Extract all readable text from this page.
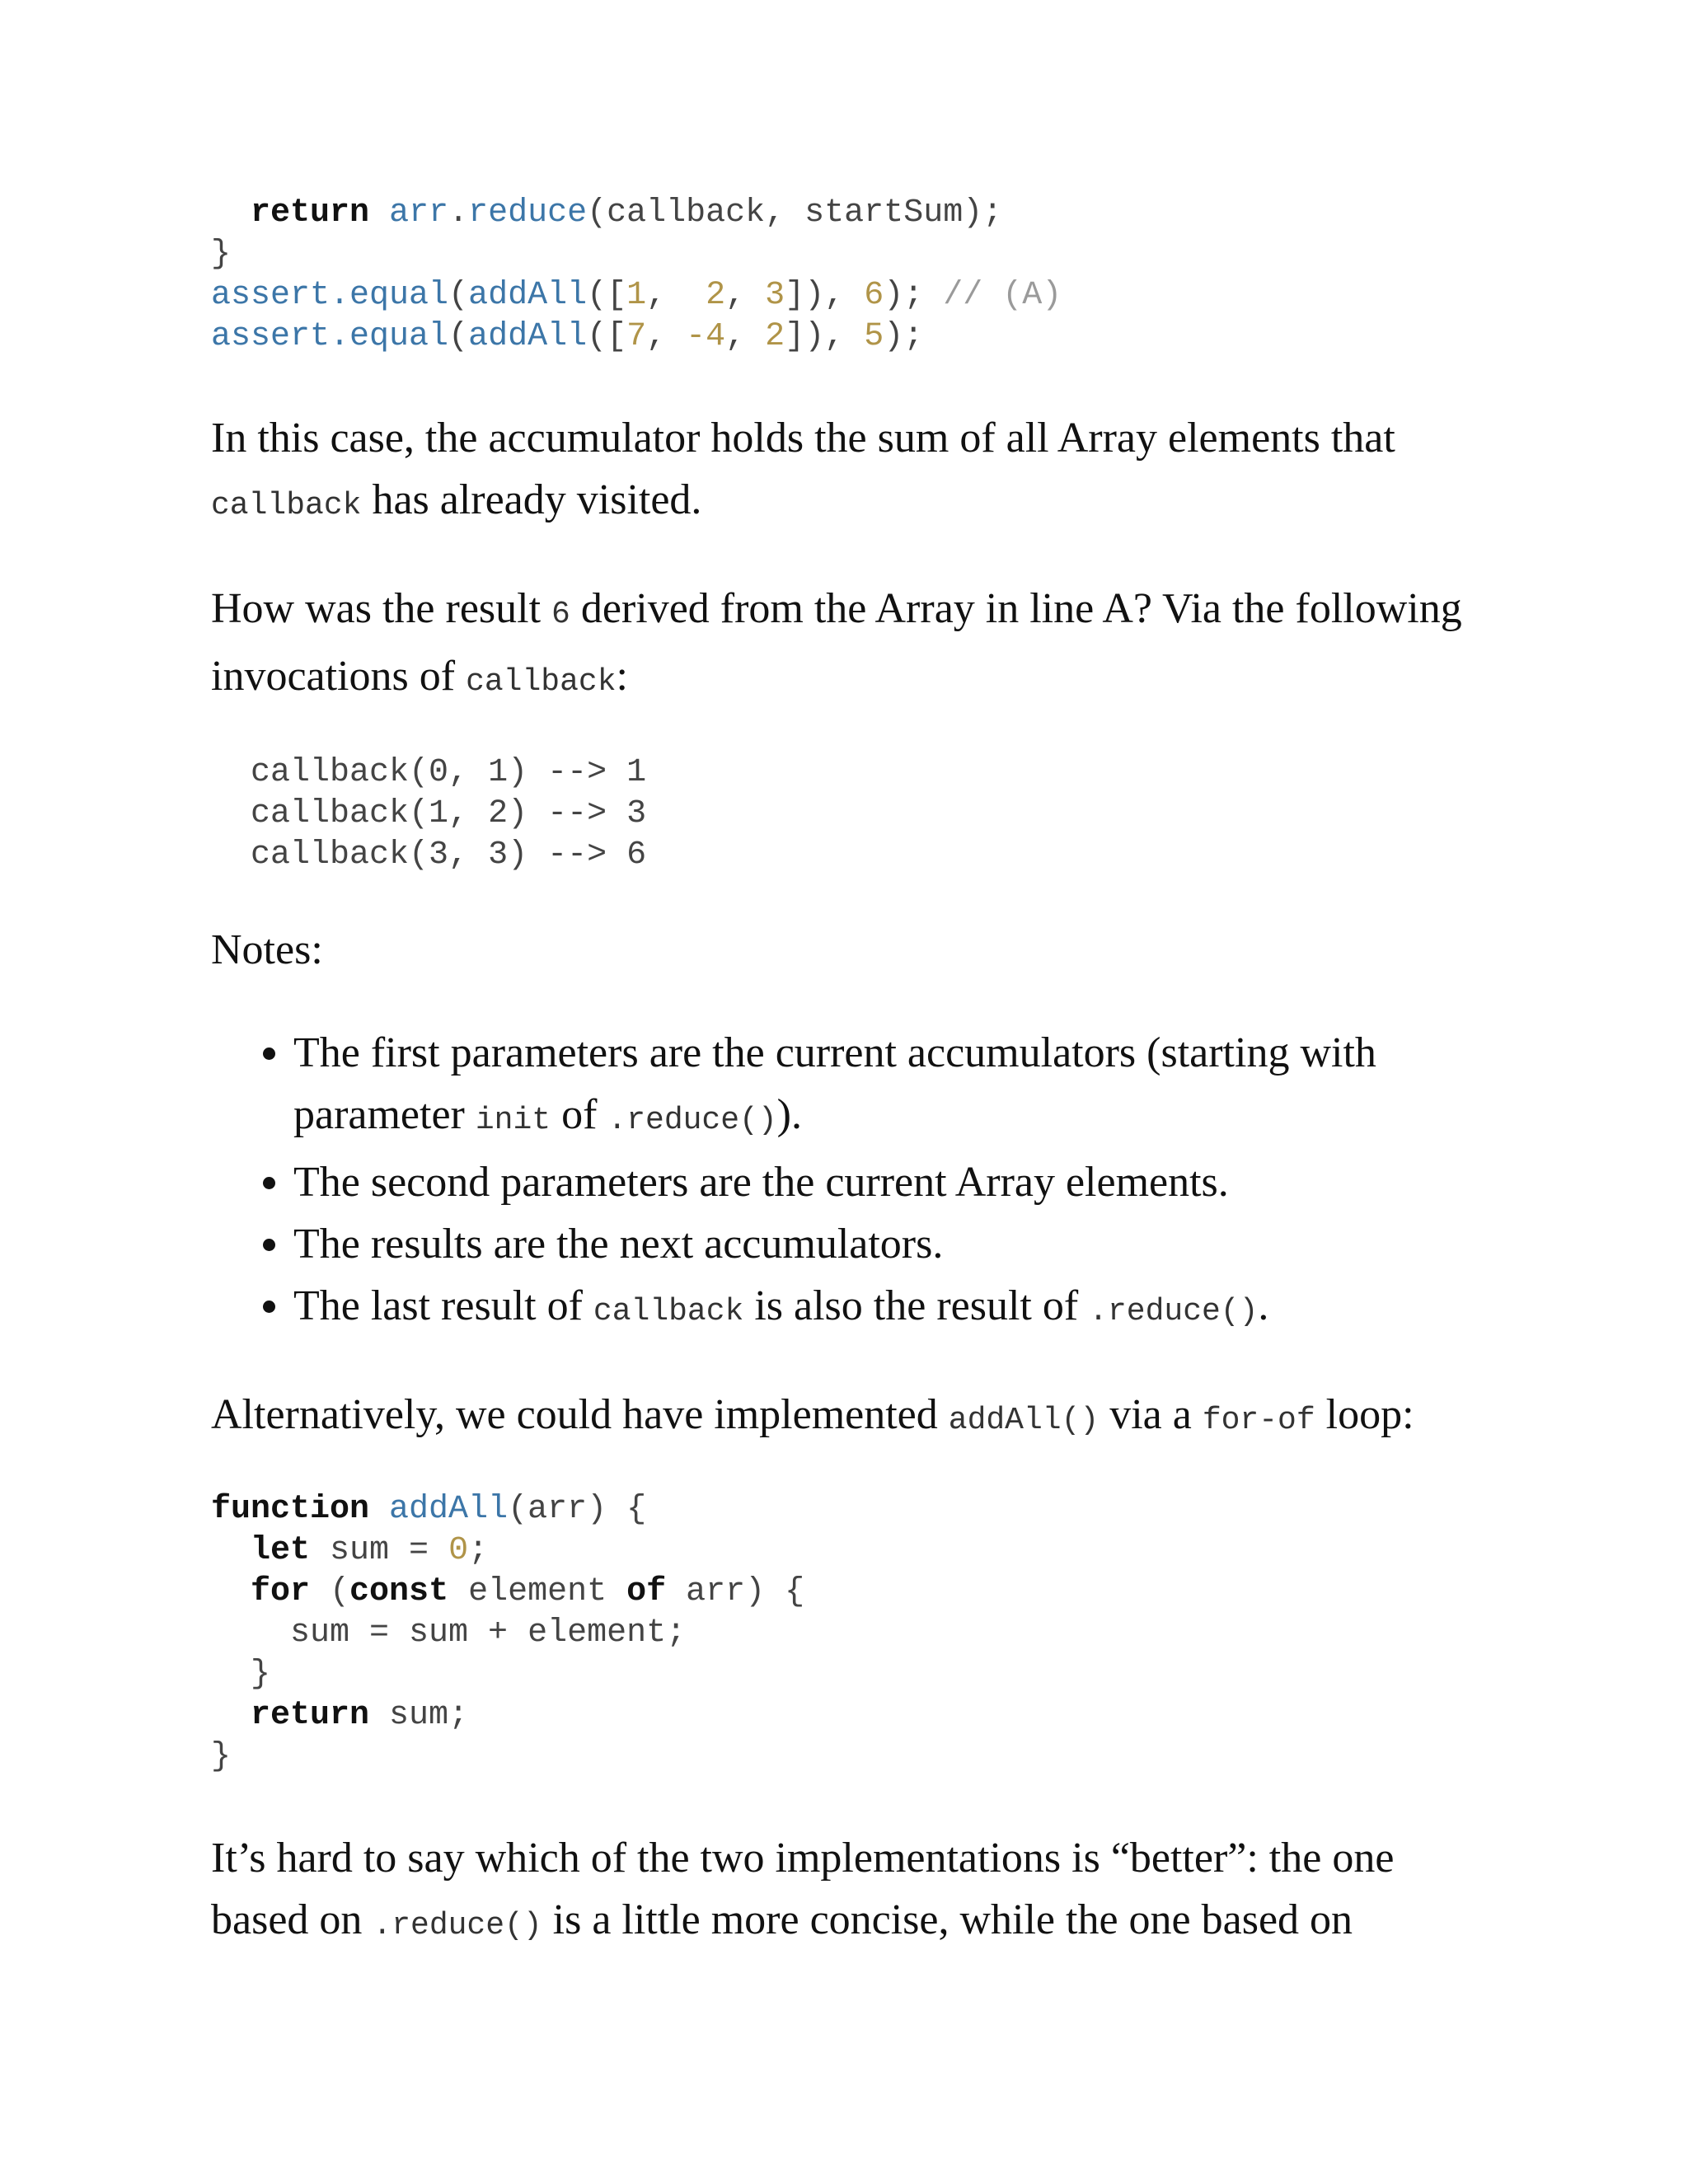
return arr.reduce(callback, startSum);
}
assert.equal(addAll([1,  2, 3]), 6); // (A)
assert.equal(addAll([7, -4, 2]), 5);

In this case, the accumulator holds the sum of all Array elements that callback has already visited.

How was the result 6 derived from the Array in line A? Via the following invocations of callback:

callback(0, 1) --> 1
callback(1, 2) --> 3
callback(3, 3) --> 6

Notes:

• The first parameters are the current accumulators (starting with parameter init of .reduce()).
• The second parameters are the current Array elements.
• The results are the next accumulators.
• The last result of callback is also the result of .reduce().

Alternatively, we could have implemented addAll() via a for-of loop:

function addAll(arr) {
let sum = 0;
for (const element of arr) {
sum = sum + element;
}
return sum;
}

It’s hard to say which of the two implementations is “better”: the one based on .reduce() is a little more concise, while the one based on
